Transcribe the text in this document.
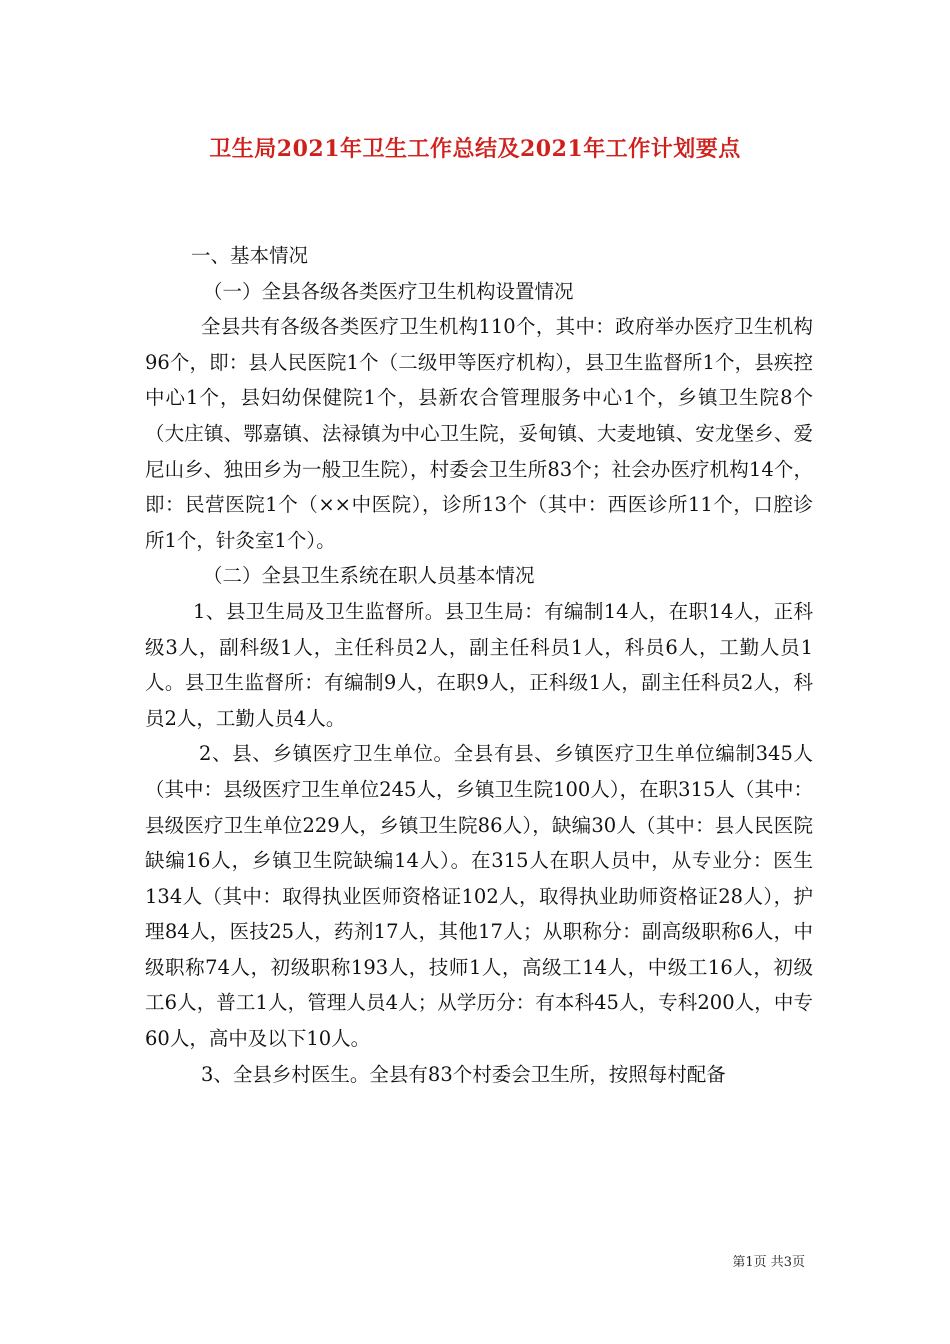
卫生局2021年卫生工作总结及2021年工作计划要点

一、基本情况

（一）全县各级各类医疗卫生机构设置情况

全县共有各级各类医疗卫生机构110个，其中：政府举办医疗卫生机构96个，即：县人民医院1个（二级甲等医疗机构），县卫生监督所1个，县疾控中心1个，县妇幼保健院1个，县新农合管理服务中心1个，乡镇卫生院8个（大庄镇、鄂嘉镇、法䘵镇为中心卫生院，妥甸镇、大麦地镇、安龙堡乡、爱尼山乡、独田乡为一般卫生院），村委会卫生所83个；社会办医疗机构14个，即：民营医院1个（××中医院），诊所13个（其中：西医诊所11个，口腔诊所1个，针灸室1个）。

（二）全县卫生系统在职人员基本情况

1、县卫生局及卫生监督所。县卫生局：有编制14人，在职14人，正科级3人，副科级1人，主任科员2人，副主任科员1人，科员6人，工勤人员1人。县卫生监督所：有编制9人，在职9人，正科级1人，副主任科员2人，科员2人，工勤人员4人。

2、县、乡镇医疗卫生单位。全县有县、乡镇医疗卫生单位编制345人（其中：县级医疗卫生单位245人，乡镇卫生院100人），在职315人（其中：县级医疗卫生单位229人，乡镇卫生院86人），缺编30人（其中：县人民医院缺编16人，乡镇卫生院缺编14人）。在315人在职人员中，从专业分：医生134人（其中：取得执业医师资格证102人，取得执业助师资格证28人），护理84人，医技25人，药剂17人，其他17人；从职称分：副高级职称6人，中级职称74人，初级职称193人，技师1人，高级工14人，中级工16人，初级工6人，普工1人，管理人员4人；从学历分：有本科45人，专科200人，中专60人，高中及以下10人。

3、全县乡村医生。全县有83个村委会卫生所，按照每村配备

第1页 共3页
